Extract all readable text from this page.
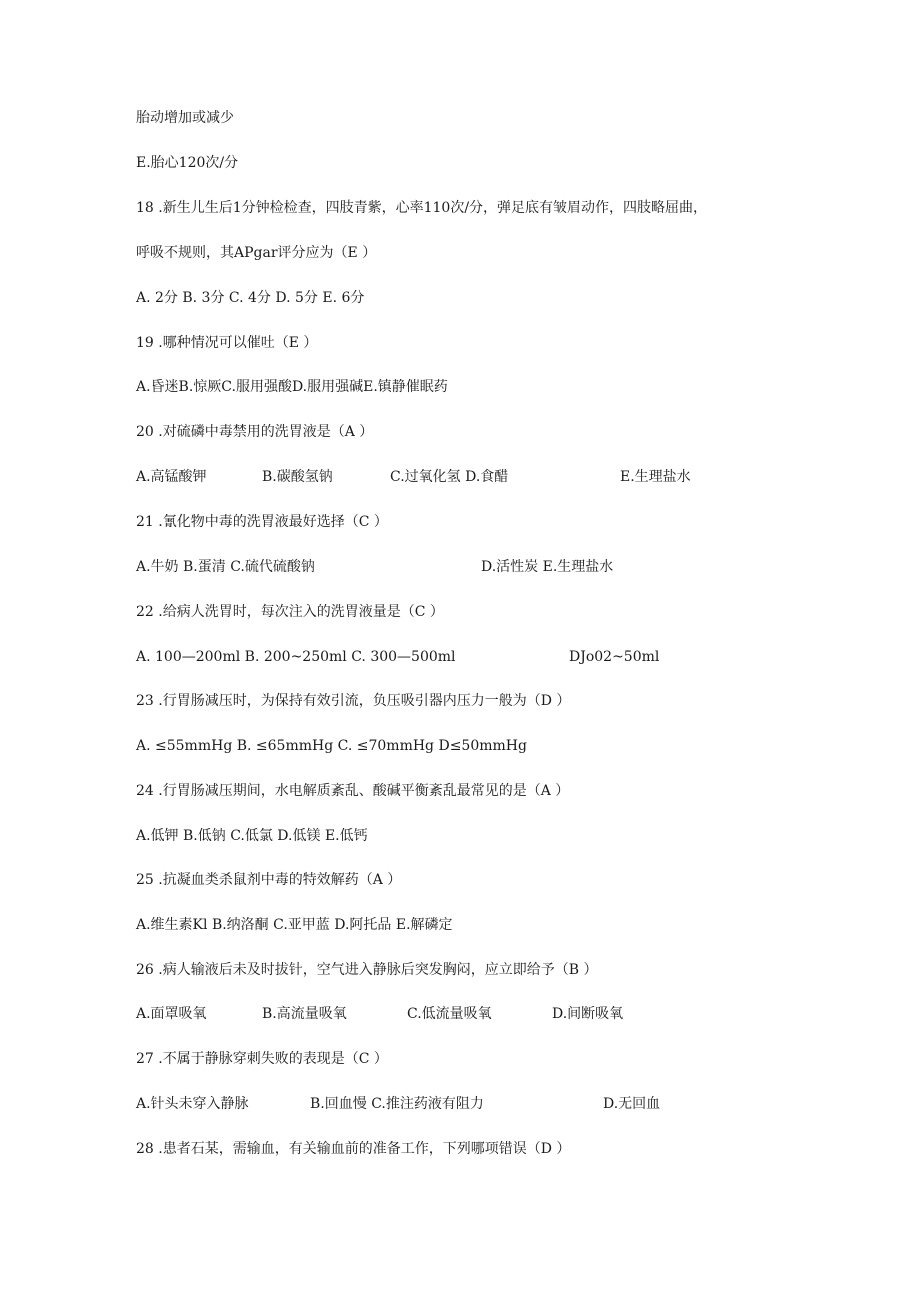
胎动增加或减少
E.胎心120次/分
18 .新生儿生后1分钟检检查，四肢青紫，心率110次/分，弹足底有皱眉动作，四肢略屈曲，
呼吸不规则，其APgar评分应为（E ）
A. 2分 B. 3分 C. 4分 D. 5分 E. 6分
19 .哪种情况可以催吐（E ）
A.昏迷B.惊厥C.服用强酸D.服用强碱E.镇静催眠药
20 .对硫磷中毒禁用的洗胃液是（A ）
A.高锰酸钾	B.碳酸氢钠	C.过氧化氢 D.食醋	E.生理盐水
21 .氰化物中毒的洗胃液最好选择（C ）
A.牛奶 B.蛋清 C.硫代硫酸钠	D.活性炭 E.生理盐水
22 .给病人洗胃时，每次注入的洗胃液量是（C ）
A. 100—200ml B. 200~250ml C. 300—500ml	DJo02~50ml
23 .行胃肠减压时，为保持有效引流，负压吸引器内压力一般为（D ）
A. ≤55mmHg B. ≤65mmHg C. ≤70mmHg D≤50mmHg
24 .行胃肠减压期间，水电解质紊乱、酸碱平衡紊乱最常见的是（A ）
A.低钾 B.低钠 C.低氯 D.低镁 E.低钙
25 .抗凝血类杀鼠剂中毒的特效解药（A ）
A.维生素Kl B.纳洛酮 C.亚甲蓝 D.阿托品 E.解磷定
26 .病人输液后未及时拔针，空气进入静脉后突发胸闷，应立即给予（B ）
A.面罩吸氧	B.高流量吸氧	C.低流量吸氧	D.间断吸氧
27 .不属于静脉穿刺失败的表现是（C ）
A.针头未穿入静脉	B.回血慢 C.推注药液有阻力	D.无回血
28 .患者石某，需输血，有关输血前的准备工作，下列哪项错误（D ）
